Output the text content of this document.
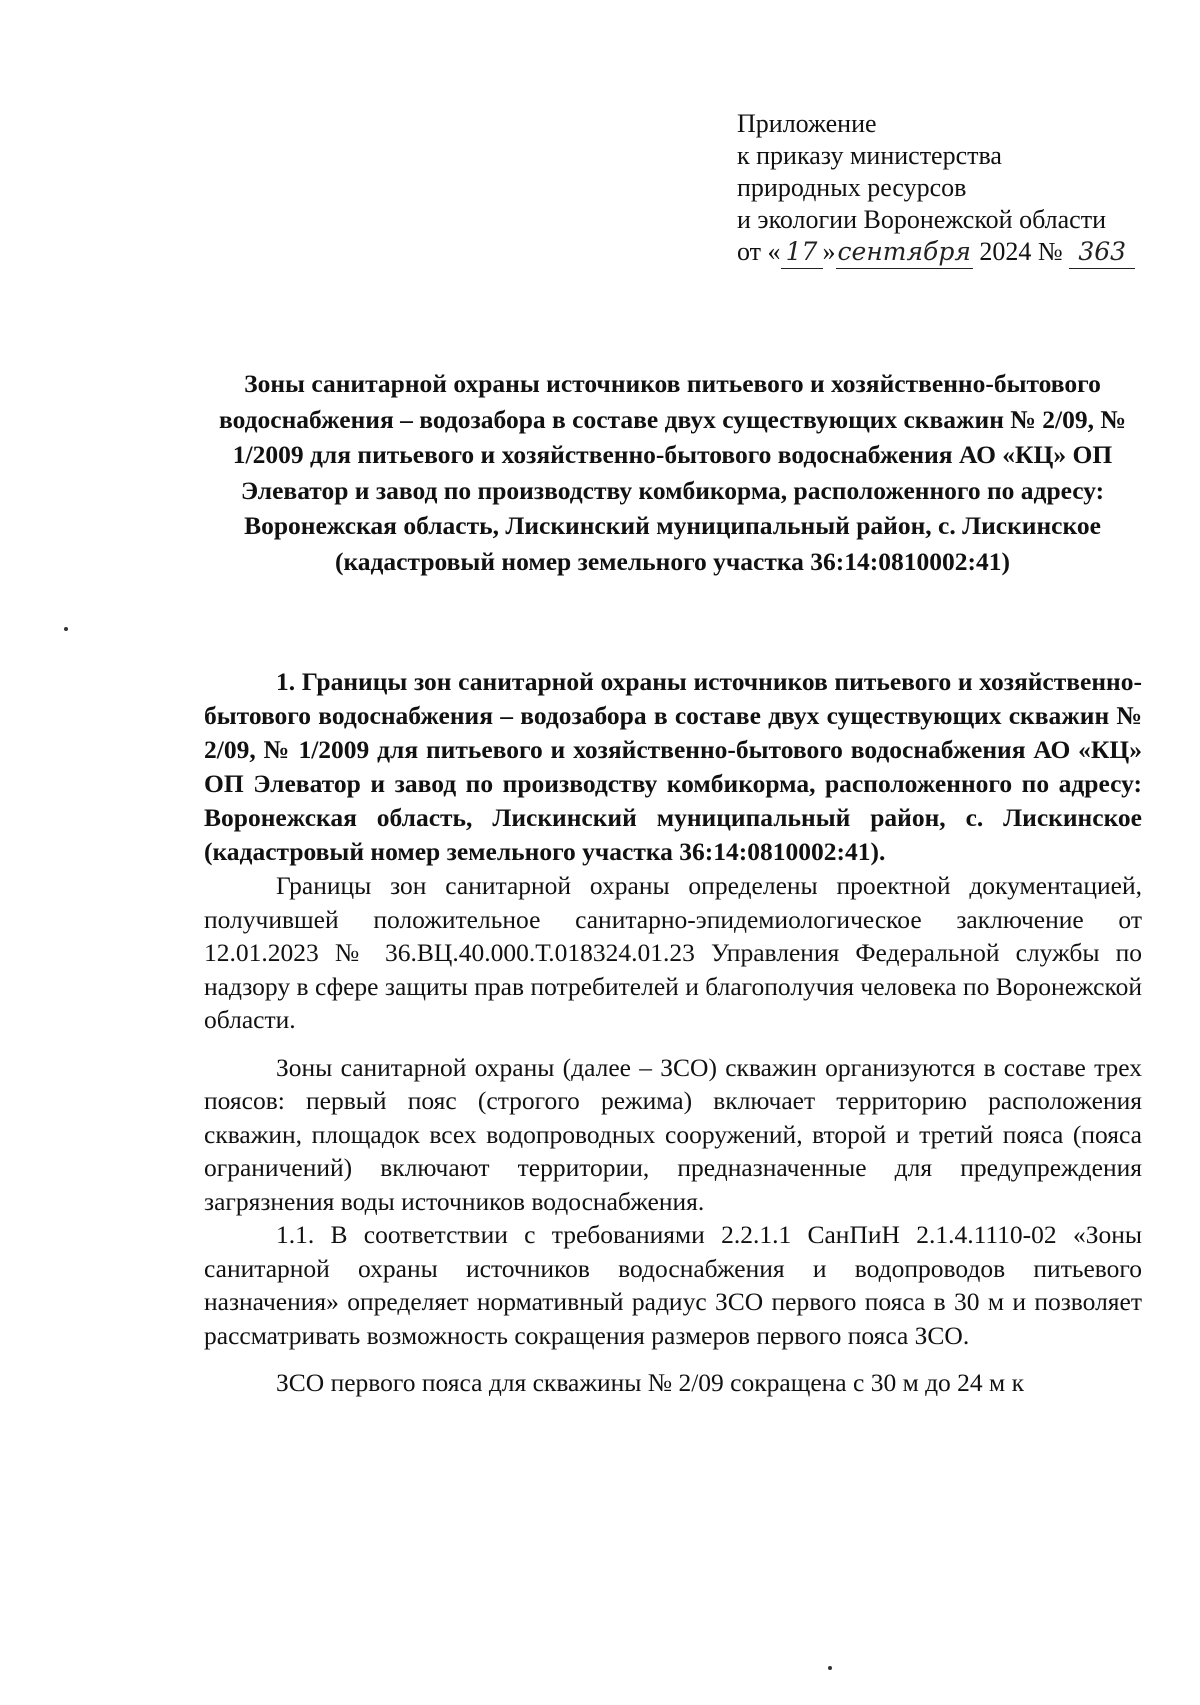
Приложение
к приказу министерства
природных ресурсов
и экологии Воронежской области
от « 17 »сентября 2024 № 363
Зоны санитарной охраны источников питьевого и хозяйственно-бытового водоснабжения – водозабора в составе двух существующих скважин № 2/09, № 1/2009 для питьевого и хозяйственно-бытового водоснабжения АО «КЦ» ОП Элеватор и завод по производству комбикорма, расположенного по адресу: Воронежская область, Лискинский муниципальный район, с. Лискинское (кадастровый номер земельного участка 36:14:0810002:41)

1. Границы зон санитарной охраны источников питьевого и хозяйственно-бытового водоснабжения – водозабора в составе двух существующих скважин № 2/09, № 1/2009 для питьевого и хозяйственно-бытового водоснабжения АО «КЦ» ОП Элеватор и завод по производству комбикорма, расположенного по адресу: Воронежская область, Лискинский муниципальный район, с. Лискинское (кадастровый номер земельного участка 36:14:0810002:41).

Границы зон санитарной охраны определены проектной документацией, получившей положительное санитарно-эпидемиологическое заключение от 12.01.2023 № 36.ВЦ.40.000.Т.018324.01.23 Управления Федеральной службы по надзору в сфере защиты прав потребителей и благополучия человека по Воронежской области.

Зоны санитарной охраны (далее – ЗСО) скважин организуются в составе трех поясов: первый пояс (строгого режима) включает территорию расположения скважин, площадок всех водопроводных сооружений, второй и третий пояса (пояса ограничений) включают территории, предназначенные для предупреждения загрязнения воды источников водоснабжения.

1.1. В соответствии с требованиями 2.2.1.1 СанПиН 2.1.4.1110-02 «Зоны санитарной охраны источников водоснабжения и водопроводов питьевого назначения» определяет нормативный радиус ЗСО первого пояса в 30 м и позволяет рассматривать возможность сокращения размеров первого пояса ЗСО.

ЗСО первого пояса для скважины № 2/09 сокращена с 30 м до 24 м к
